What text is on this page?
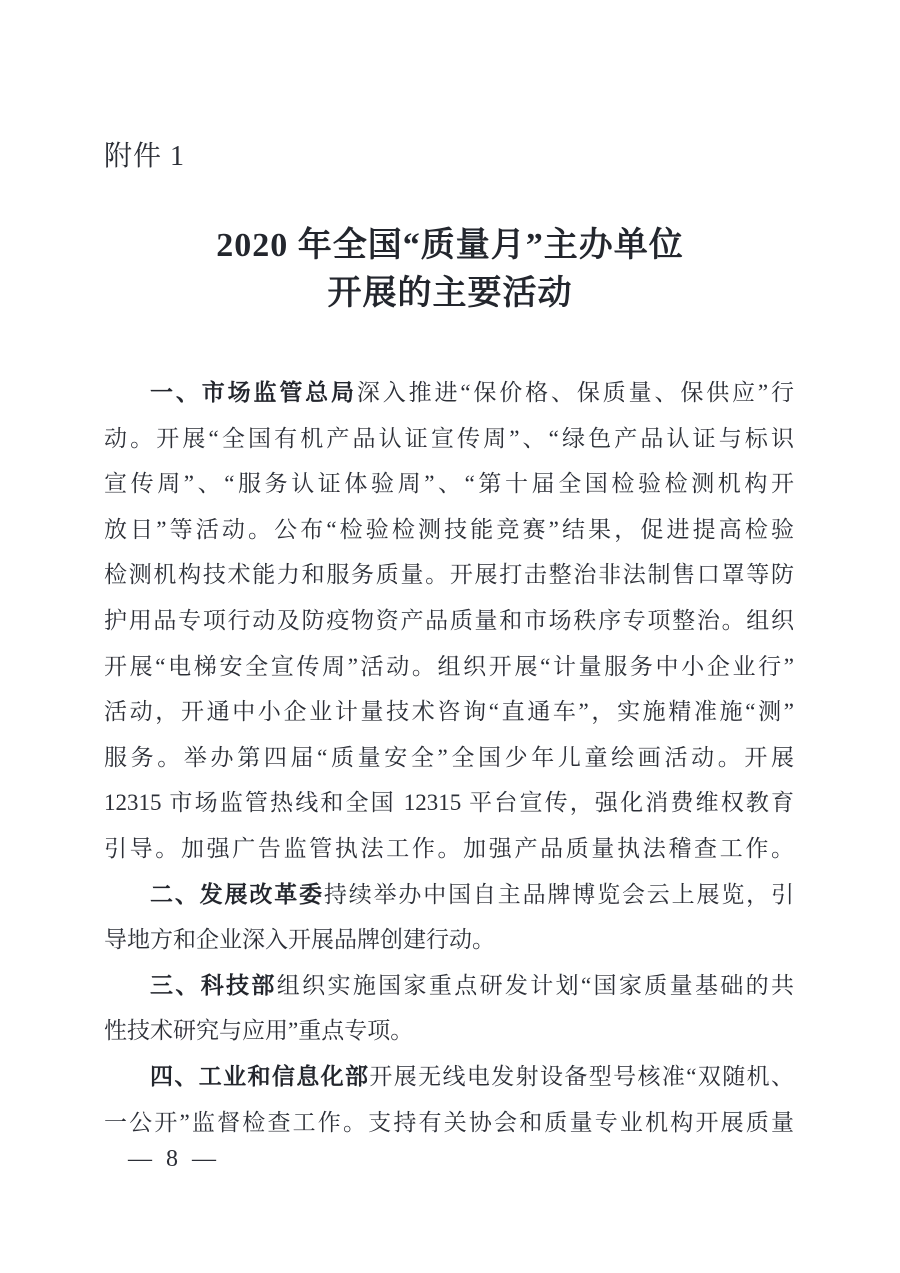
附件 1
2020 年全国“质量月”主办单位
开展的主要活动
一、市场监管总局深入推进“保价格、保质量、保供应”行
动。开展“全国有机产品认证宣传周”、“绿色产品认证与标识
宣传周”、“服务认证体验周”、“第十届全国检验检测机构开
放日”等活动。公布“检验检测技能竞赛”结果，促进提高检验
检测机构技术能力和服务质量。开展打击整治非法制售口罩等防
护用品专项行动及防疫物资产品质量和市场秩序专项整治。组织
开展“电梯安全宣传周”活动。组织开展“计量服务中小企业行”
活动，开通中小企业计量技术咨询“直通车”，实施精准施“测”
服务。举办第四届“质量安全”全国少年儿童绘画活动。开展
12315 市场监管热线和全国 12315 平台宣传，强化消费维权教育
引导。加强广告监管执法工作。加强产品质量执法稽查工作。
二、发展改革委持续举办中国自主品牌博览会云上展览，引
导地方和企业深入开展品牌创建行动。
三、科技部组织实施国家重点研发计划“国家质量基础的共
性技术研究与应用”重点专项。
四、工业和信息化部开展无线电发射设备型号核准“双随机、
一公开”监督检查工作。支持有关协会和质量专业机构开展质量
— 8 —
